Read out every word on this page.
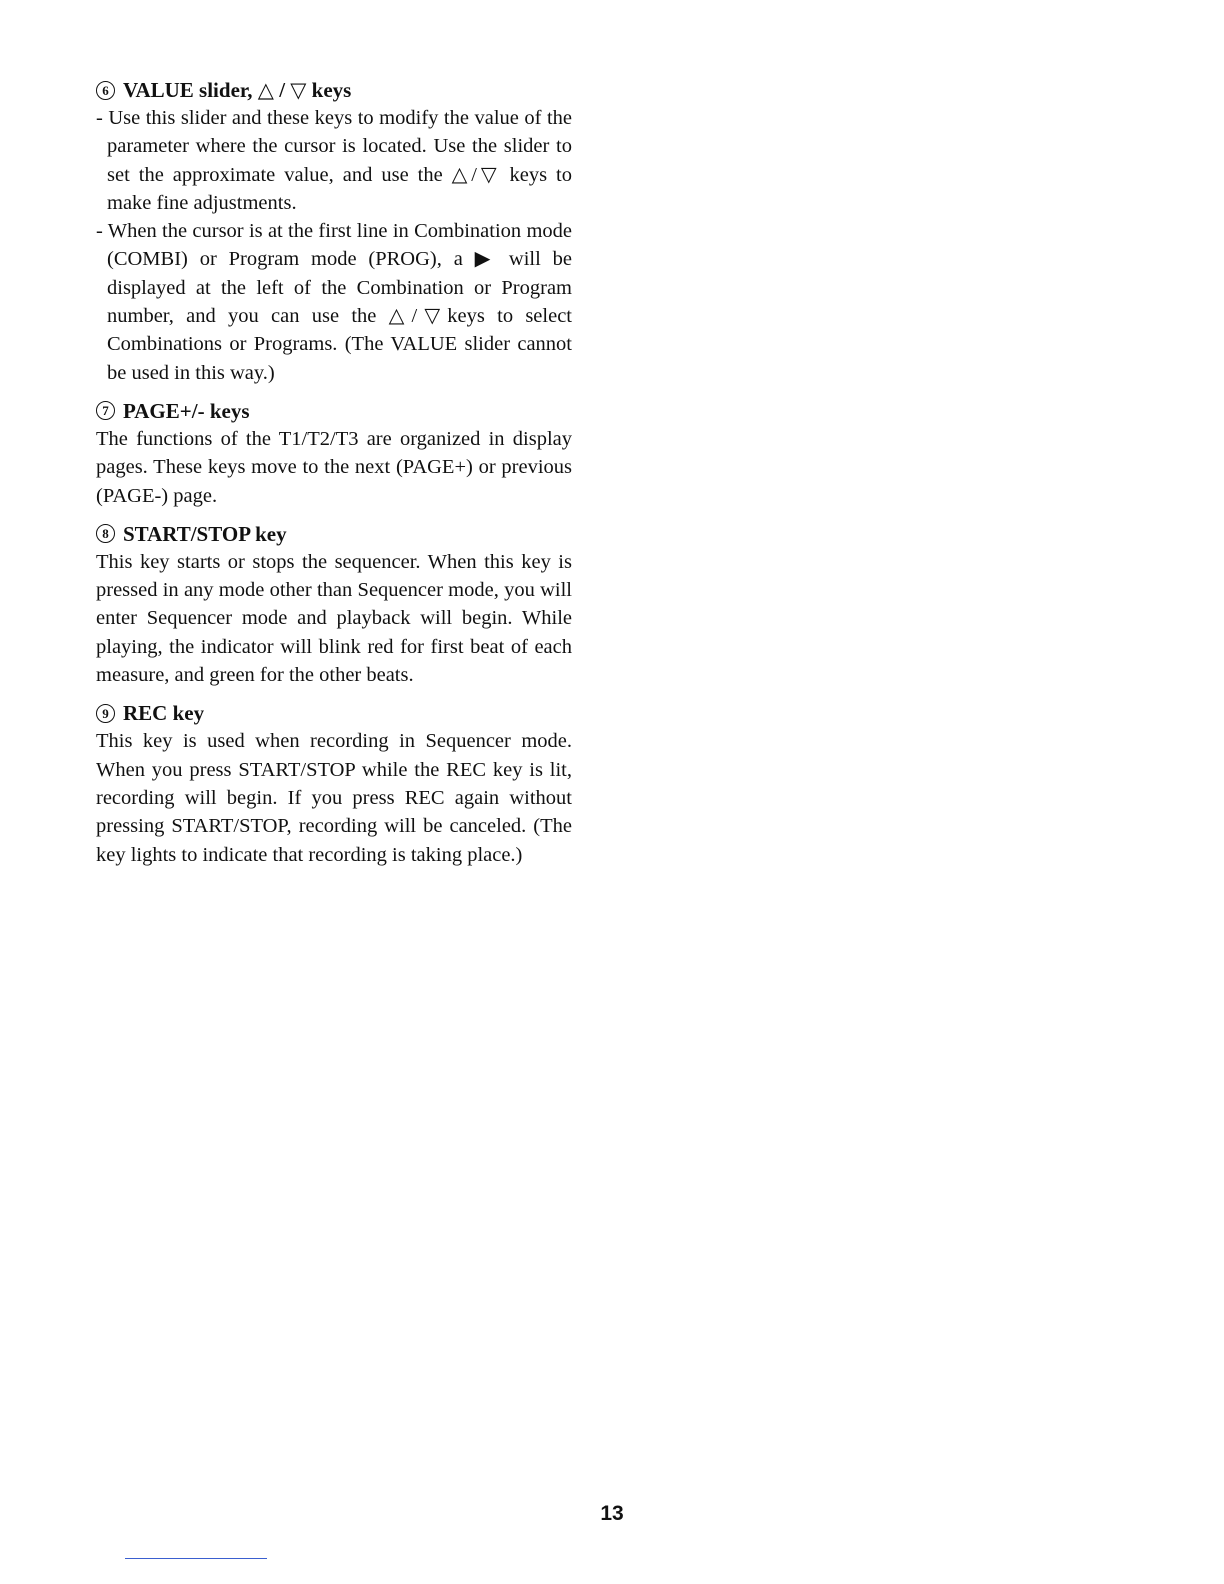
6 VALUE slider, △ / ▽ keys

- Use this slider and these keys to modify the value of the parameter where the cursor is located. Use the slider to set the approximate value, and use the △/▽ keys to make fine adjustments.

- When the cursor is at the first line in Combination mode (COMBI) or Program mode (PROG), a ▶ will be displayed at the left of the Combination or Program number, and you can use the △/▽keys to select Combinations or Programs. (The VALUE slider cannot be used in this way.)

7 PAGE+/- keys

The functions of the T1/T2/T3 are organized in display pages. These keys move to the next (PAGE+) or previous (PAGE-) page.

8 START/STOP key

This key starts or stops the sequencer. When this key is pressed in any mode other than Sequencer mode, you will enter Sequencer mode and playback will begin. While playing, the indicator will blink red for first beat of each measure, and green for the other beats.

9 REC key

This key is used when recording in Sequencer mode. When you press START/STOP while the REC key is lit, recording will begin. If you press REC again without pressing START/STOP, recording will be canceled. (The key lights to indicate that recording is taking place.)

13
